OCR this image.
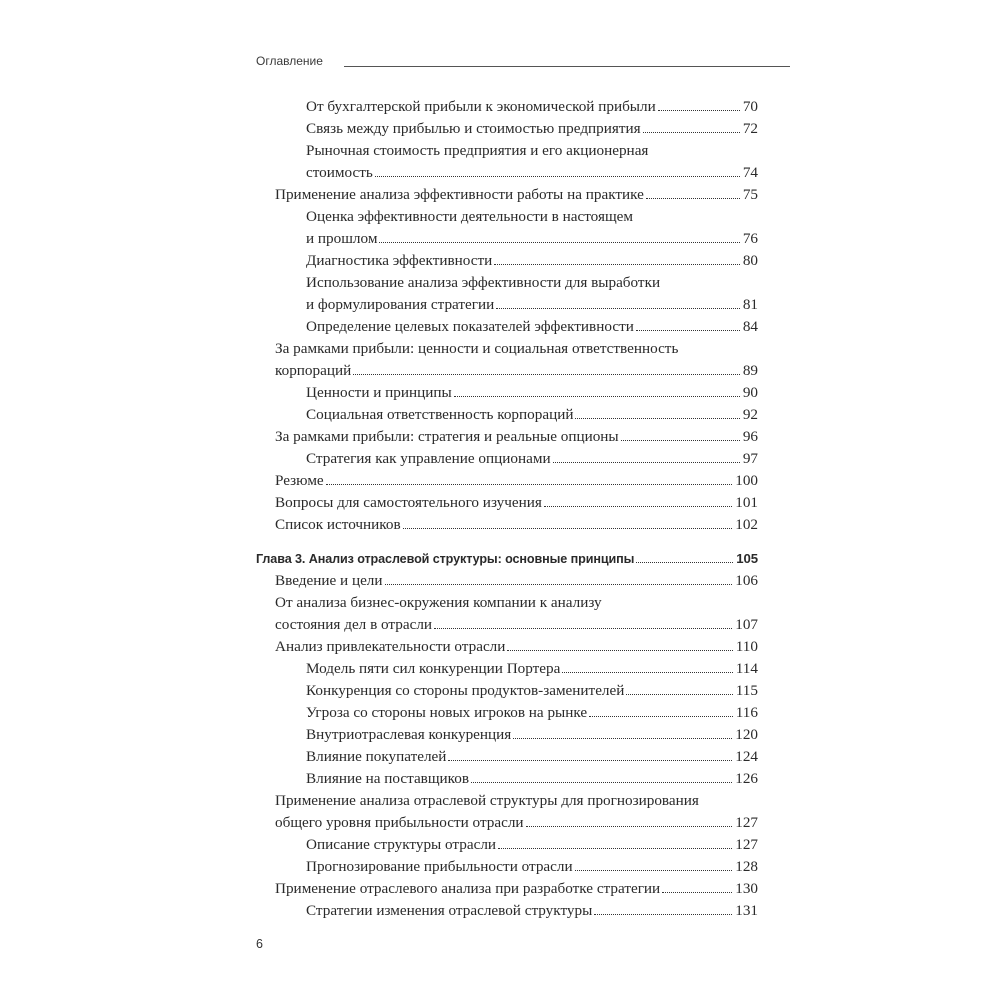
Оглавление
От бухгалтерской прибыли к экономической прибыли	70
Связь между прибылью и стоимостью предприятия	72
Рыночная стоимость предприятия и его акционерная
стоимость	74
Применение анализа эффективности работы на практике	75
Оценка эффективности деятельности в настоящем
и прошлом	76
Диагностика эффективности	80
Использование анализа эффективности для выработки
и формулирования стратегии	81
Определение целевых показателей эффективности	84
За рамками прибыли: ценности и социальная ответственность
корпораций	89
Ценности и принципы	90
Социальная ответственность корпораций	92
За рамками прибыли: стратегия и реальные опционы	96
Стратегия как управление опционами	97
Резюме	100
Вопросы для самостоятельного изучения	101
Список источников	102
Глава 3. Анализ отраслевой структуры: основные принципы	105
Введение и цели	106
От анализа бизнес-окружения компании к анализу
состояния дел в отрасли	107
Анализ привлекательности отрасли	110
Модель пяти сил конкуренции Портера	114
Конкуренция со стороны продуктов-заменителей	115
Угроза со стороны новых игроков на рынке	116
Внутриотраслевая конкуренция	120
Влияние покупателей	124
Влияние на поставщиков	126
Применение анализа отраслевой структуры для прогнозирования
общего уровня прибыльности отрасли	127
Описание структуры отрасли	127
Прогнозирование прибыльности отрасли	128
Применение отраслевого анализа при разработке стратегии	130
Стратегии изменения отраслевой структуры	131
6
